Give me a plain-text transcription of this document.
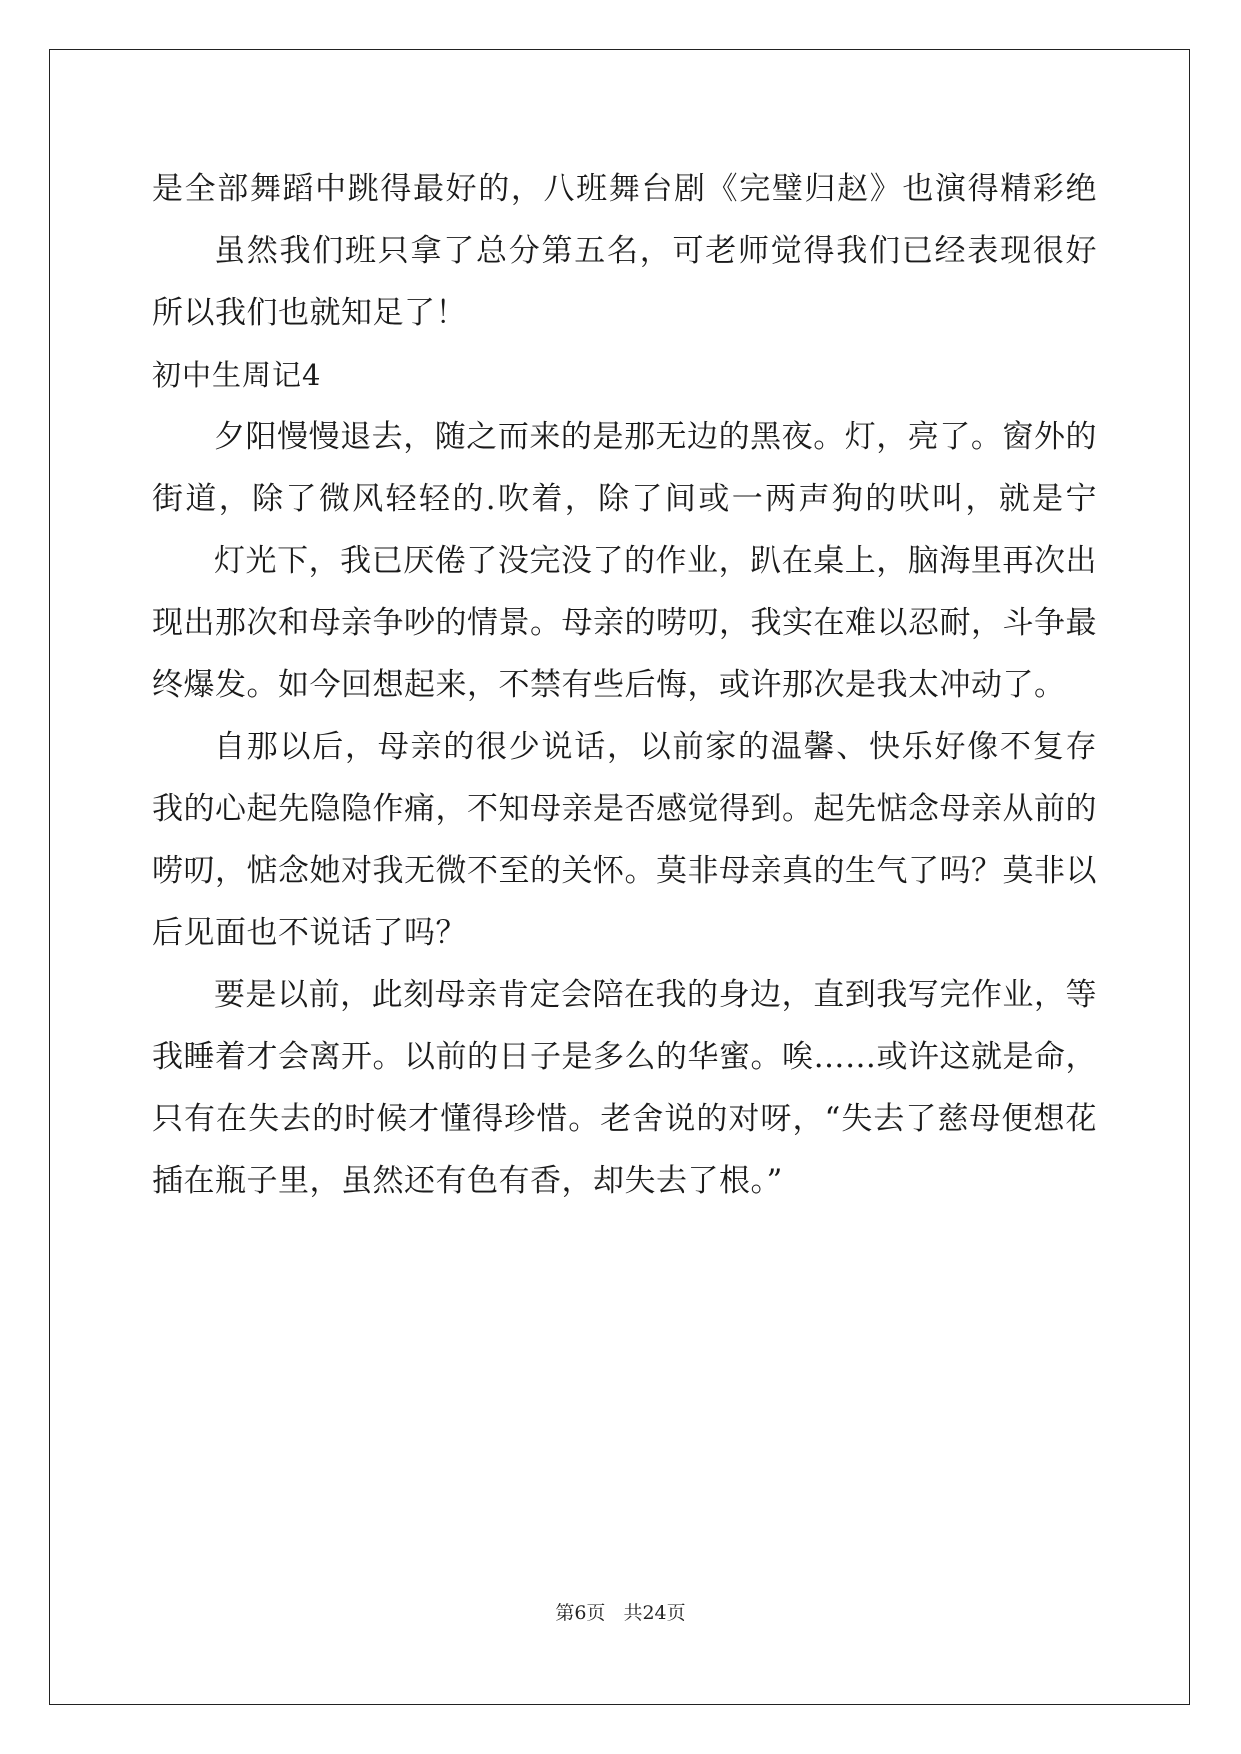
是全部舞蹈中跳得最好的，八班舞台剧《完璧归赵》也演得精彩绝
虽然我们班只拿了总分第五名，可老师觉得我们已经表现很好
所以我们也就知足了！
初中生周记4
夕阳慢慢退去，随之而来的是那无边的黑夜。灯，亮了。窗外的
街道，除了微风轻轻的.吹着，除了间或一两声狗的吠叫，就是宁
灯光下，我已厌倦了没完没了的作业，趴在桌上，脑海里再次出
现出那次和母亲争吵的情景。母亲的唠叨，我实在难以忍耐，斗争最
终爆发。如今回想起来，不禁有些后悔，或许那次是我太冲动了。
自那以后，母亲的很少说话，以前家的温馨、快乐好像不复存
我的心起先隐隐作痛，不知母亲是否感觉得到。起先惦念母亲从前的
唠叨，惦念她对我无微不至的关怀。莫非母亲真的生气了吗？莫非以
后见面也不说话了吗？
要是以前，此刻母亲肯定会陪在我的身边，直到我写完作业，等
我睡着才会离开。以前的日子是多么的华蜜。唉……或许这就是命，
只有在失去的时候才懂得珍惜。老舍说的对呀，“失去了慈母便想花
插在瓶子里，虽然还有色有香，却失去了根。”
第6页 共24页
